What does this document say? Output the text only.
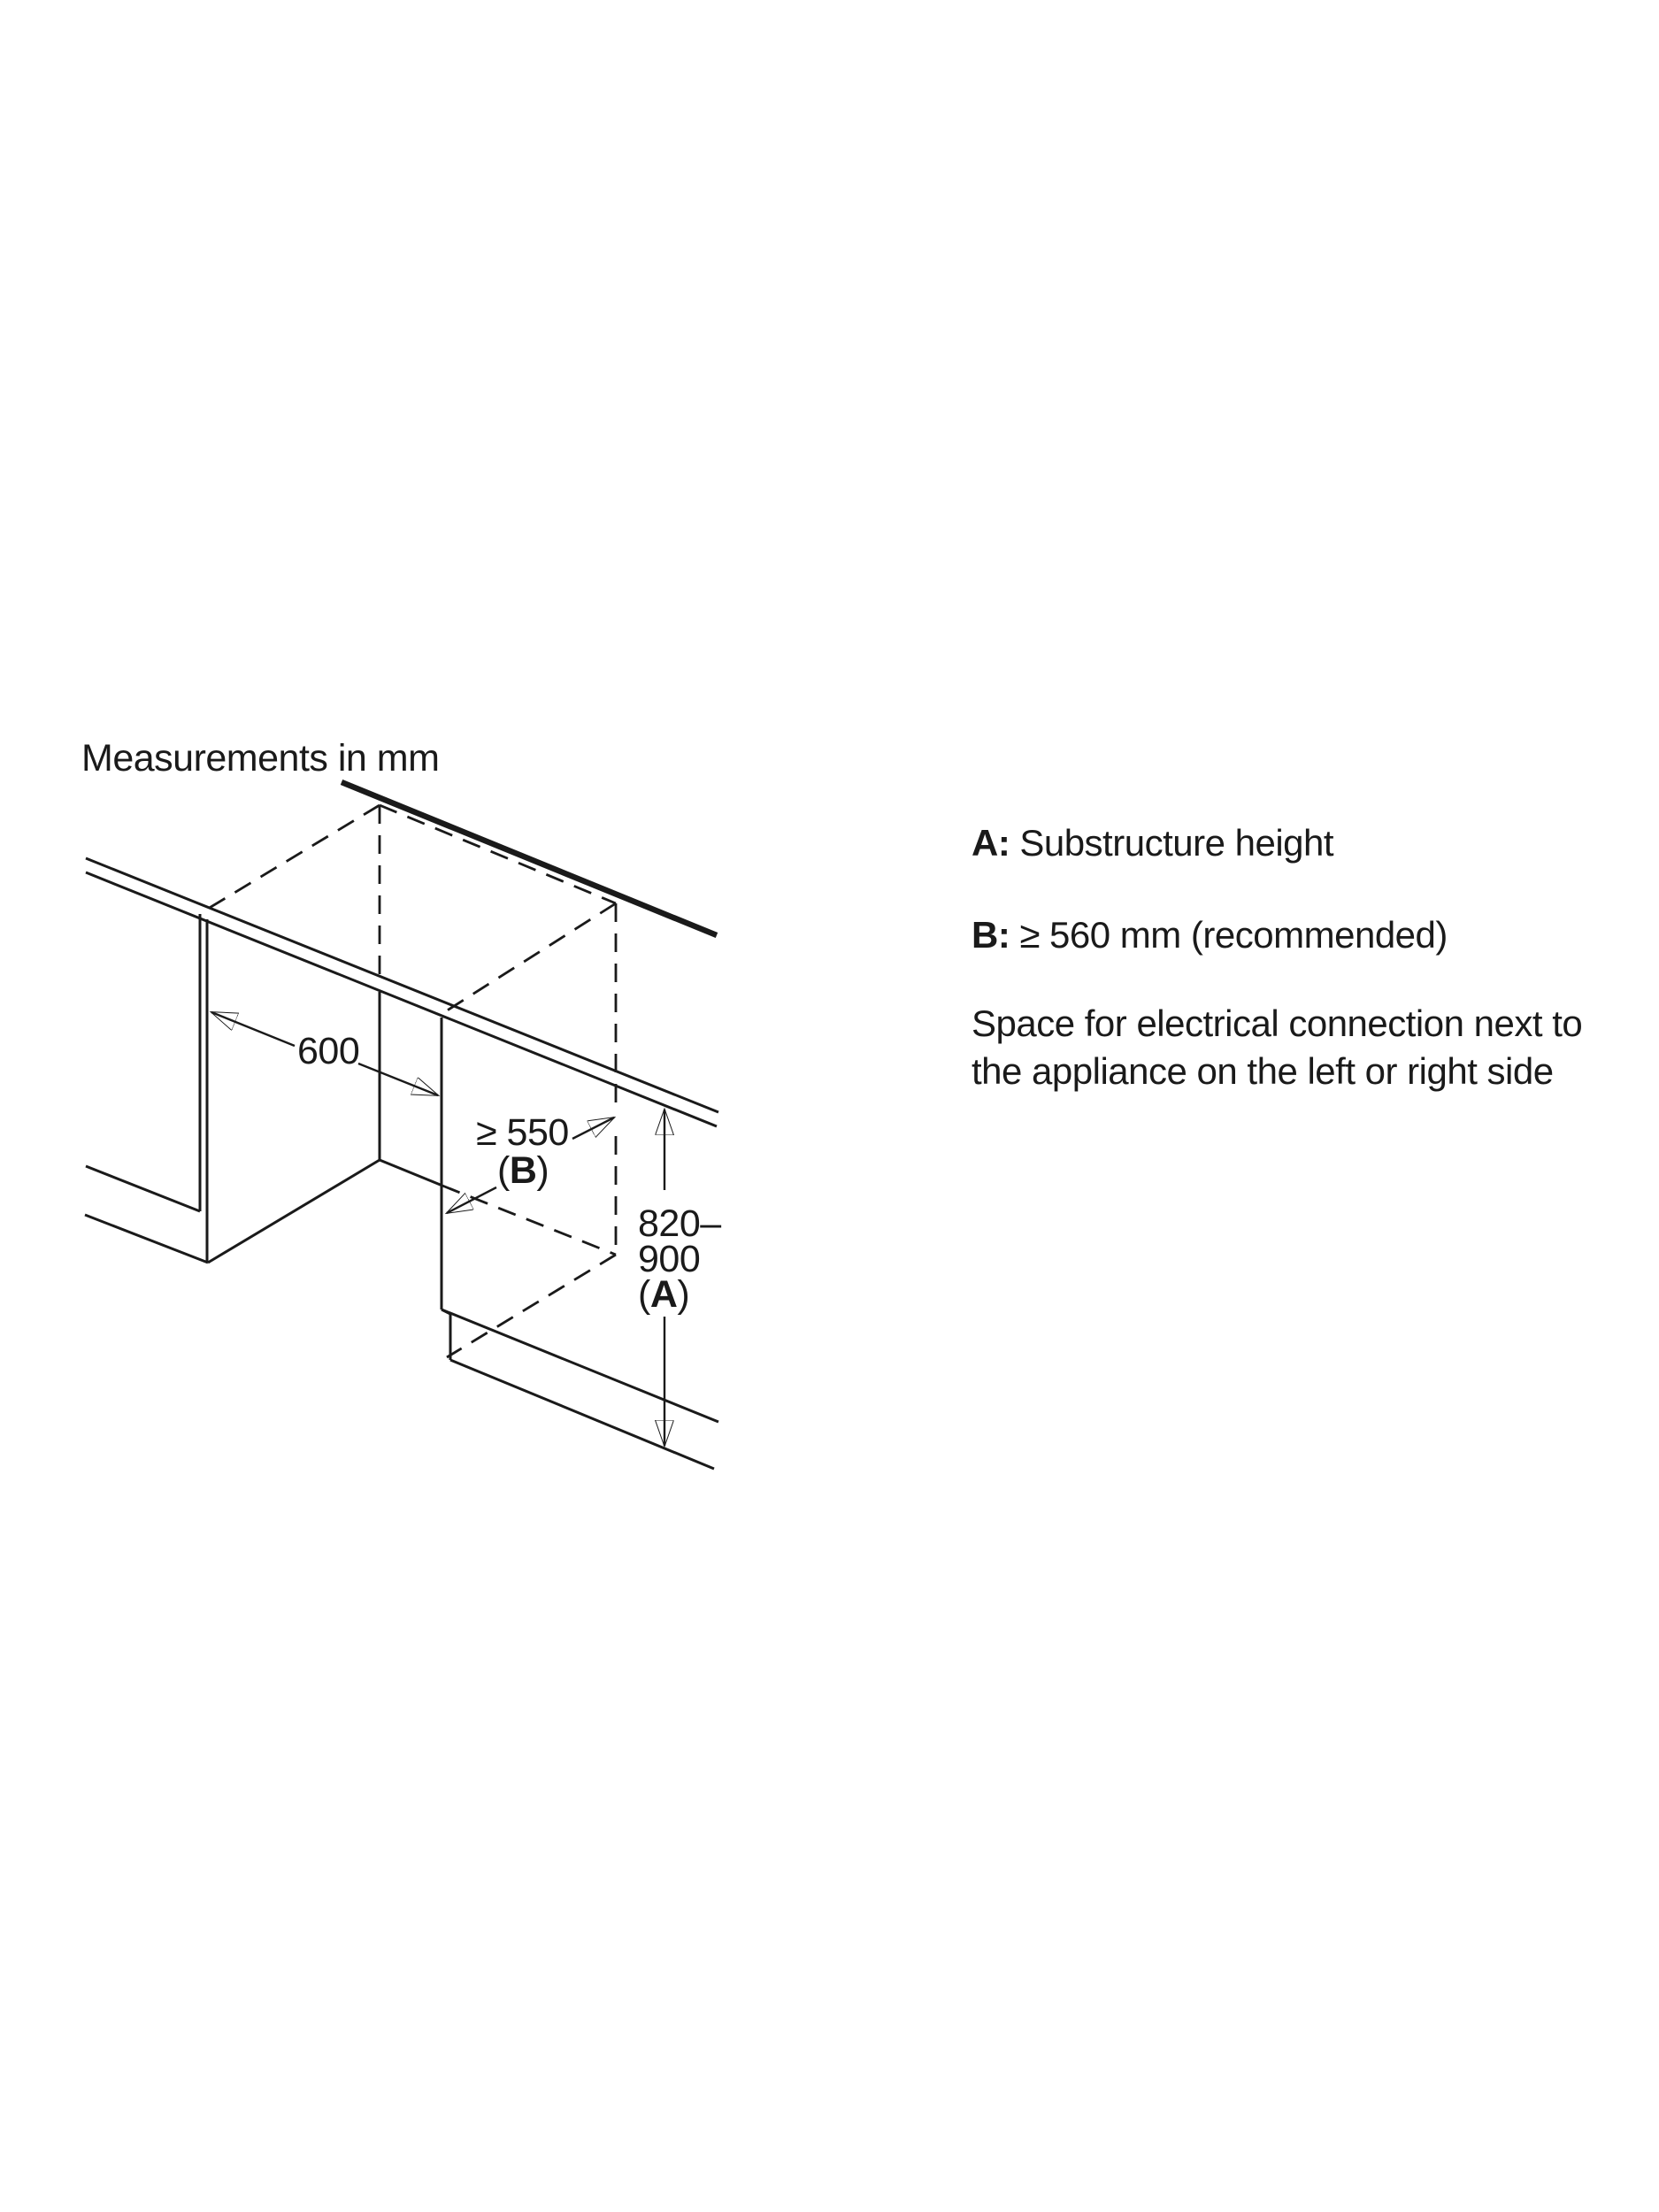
Measurements in mm
600
≥ 550
(B)
820–
900
(A)
A: Substructure height
B: ≥ 560 mm (recommended)
Space for electrical connection next to
the appliance on the left or right side
